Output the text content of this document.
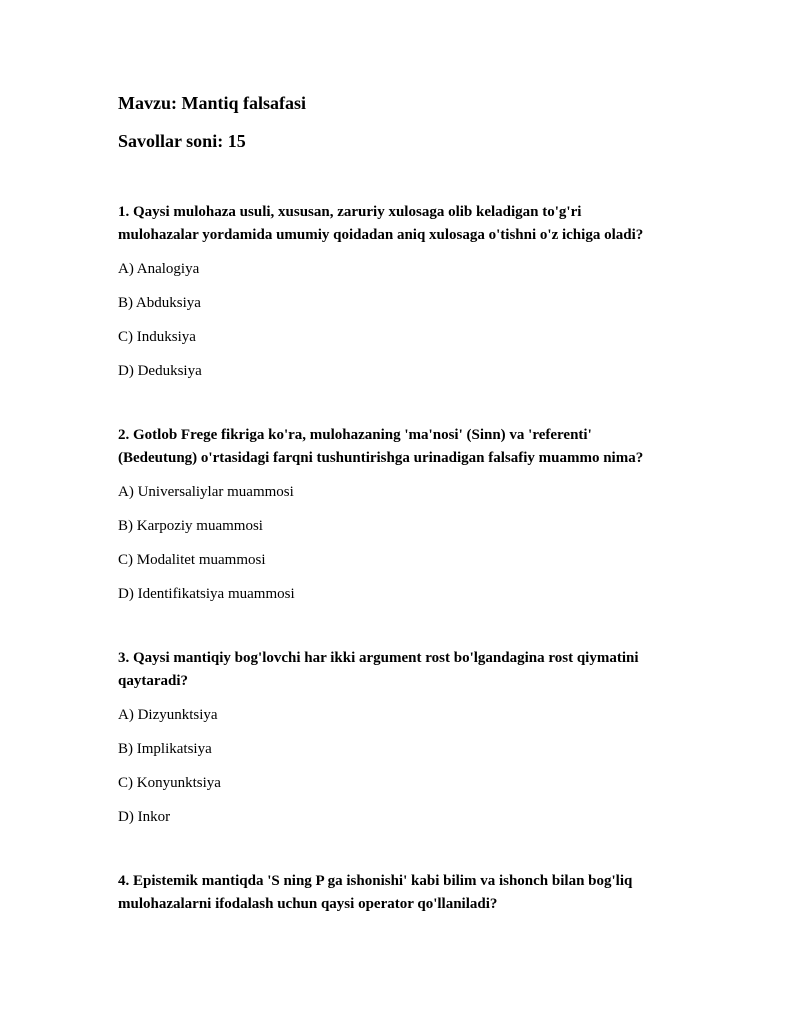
Mavzu: Mantiq falsafasi
Savollar soni: 15

1. Qaysi mulohaza usuli, xususan, zaruriy xulosaga olib keladigan to'g'ri
mulohazalar yordamida umumiy qoidadan aniq xulosaga o'tishni o'z ichiga oladi?

A) Analogiya

B) Abduksiya

C) Induksiya

D) Deduksiya

2. Gotlob Frege fikriga ko'ra, mulohazaning 'ma'nosi' (Sinn) va 'referenti'
(Bedeutung) o'rtasidagi farqni tushuntirishga urinadigan falsafiy muammo nima?

A) Universaliylar muammosi

B) Karpoziy muammosi

C) Modalitet muammosi

D) Identifikatsiya muammosi

3. Qaysi mantiqiy bog'lovchi har ikki argument rost bo'lgandagina rost qiymatini
qaytaradi?

A) Dizyunktsiya

B) Implikatsiya

C) Konyunktsiya

D) Inkor

4. Epistemik mantiqda 'S ning P ga ishonishi' kabi bilim va ishonch bilan bog'liq
mulohazalarni ifodalash uchun qaysi operator qo'llaniladi?
